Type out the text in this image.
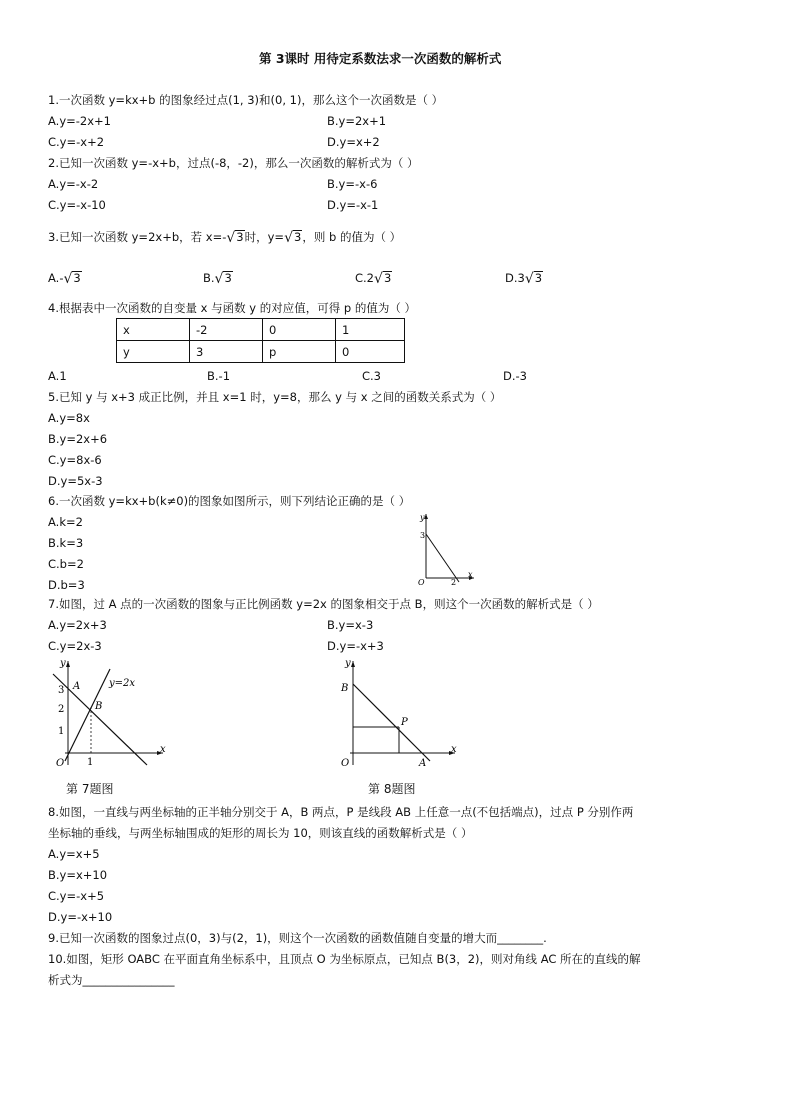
第 3课时 用待定系数法求一次函数的解析式
1.一次函数 y=kx+b 的图象经过点(1, 3)和(0, 1)，那么这个一次函数是（ ）
A.y=-2x+1	B.y=2x+1
C.y=-x+2	D.y=x+2
2.已知一次函数 y=-x+b，过点(-8，-2)，那么一次函数的解析式为（ ）
A.y=-x-2	B.y=-x-6
C.y=-x-10	D.y=-x-1
3.已知一次函数 y=2x+b，若 x=-√3时，y=√3，则 b 的值为（ ）
A.-√3	B.√3	C.2√3	D.3√3
4.根据表中一次函数的自变量 x 与函数 y 的对应值，可得 p 的值为（ ）
x	-2	0	1
y	3	p	0
A.1	B.-1	C.3	D.-3
5.已知 y 与 x+3 成正比例，并且 x=1 时，y=8，那么 y 与 x 之间的函数关系式为（ ）
A.y=8x
B.y=2x+6
C.y=8x-6
D.y=5x-3
6.一次函数 y=kx+b(k≠0)的图象如图所示，则下列结论正确的是（ ）
A.k=2
B.k=3
C.b=2
D.b=3
y
x
O
3
2
7.如图，过 A 点的一次函数的图象与正比例函数 y=2x 的图象相交于点 B，则这个一次函数的解析式是（ ）
A.y=2x+3	B.y=x-3
C.y=2x-3	D.y=-x+3
y
x
O
y=2x
A
B
3
2
1
1
第 7题图
y
x
O
B
P
A
第 8题图
8.如图，一直线与两坐标轴的正半轴分别交于 A，B 两点，P 是线段 AB 上任意一点(不包括端点)，过点 P 分别作两
坐标轴的垂线，与两坐标轴围成的矩形的周长为 10，则该直线的函数解析式是（ ）
A.y=x+5
B.y=x+10
C.y=-x+5
D.y=-x+10
9.已知一次函数的图象过点(0，3)与(2，1)，则这个一次函数的函数值随自变量的增大而________.
10.如图，矩形 OABC 在平面直角坐标系中，且顶点 O 为坐标原点，已知点 B(3，2)，则对角线 AC 所在的直线的解
析式为________________
